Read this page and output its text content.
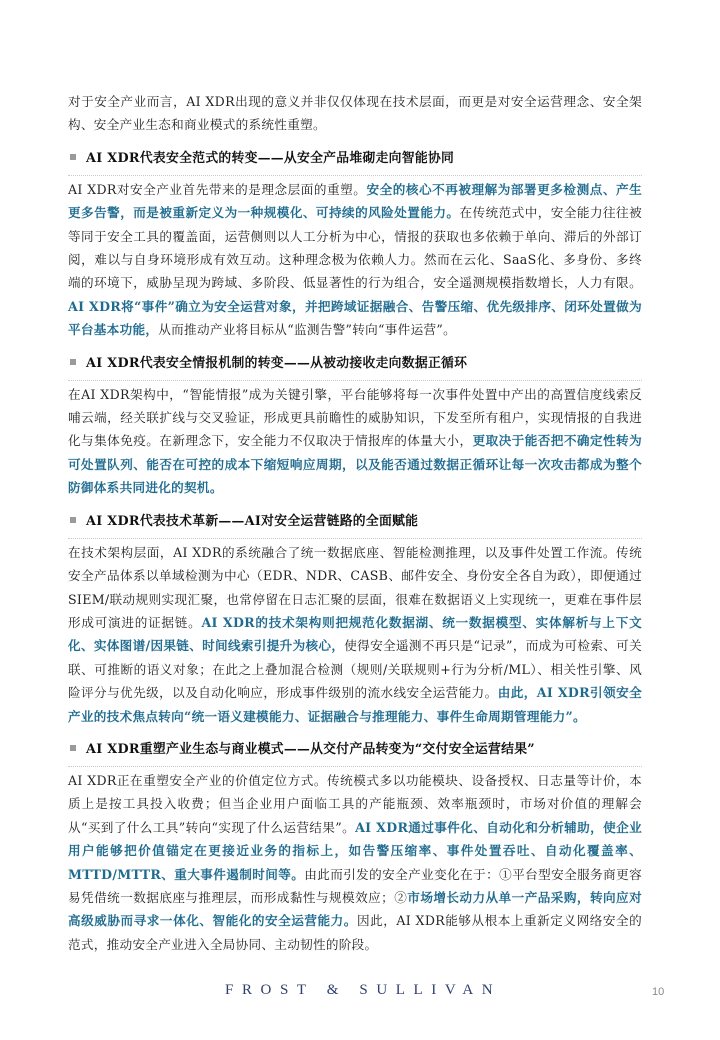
对于安全产业而言，AI XDR出现的意义并非仅仅体现在技术层面，而更是对安全运营理念、安全架构、安全产业生态和商业模式的系统性重塑。

AI XDR代表安全范式的转变——从安全产品堆砌走向智能协同

AI XDR对安全产业首先带来的是理念层面的重塑。安全的核心不再被理解为部署更多检测点、产生更多告警，而是被重新定义为一种规模化、可持续的风险处置能力。在传统范式中，安全能力往往被等同于安全工具的覆盖面，运营侧则以人工分析为中心，情报的获取也多依赖于单向、滞后的外部订阅，难以与自身环境形成有效互动。这种理念极为依赖人力。然而在云化、SaaS化、多身份、多终端的环境下，威胁呈现为跨域、多阶段、低显著性的行为组合，安全遥测规模指数增长，人力有限。AI XDR将“事件”确立为安全运营对象，并把跨域证据融合、告警压缩、优先级排序、闭环处置做为平台基本功能，从而推动产业将目标从“监测告警”转向“事件运营”。

AI XDR代表安全情报机制的转变——从被动接收走向数据正循环

在AI XDR架构中，“智能情报”成为关键引擎，平台能够将每一次事件处置中产出的高置信度线索反哺云端，经关联扩线与交叉验证，形成更具前瞻性的威胁知识，下发至所有租户，实现情报的自我进化与集体免疫。在新理念下，安全能力不仅取决于情报库的体量大小，更取决于能否把不确定性转为可处置队列、能否在可控的成本下缩短响应周期，以及能否通过数据正循环让每一次攻击都成为整个防御体系共同进化的契机。

AI XDR代表技术革新——AI对安全运营链路的全面赋能

在技术架构层面，AI XDR的系统融合了统一数据底座、智能检测推理，以及事件处置工作流。传统安全产品体系以单域检测为中心（EDR、NDR、CASB、邮件安全、身份安全各自为政），即便通过SIEM/联动规则实现汇聚，也常停留在日志汇聚的层面，很难在数据语义上实现统一，更难在事件层形成可演进的证据链。AI XDR的技术架构则把规范化数据湖、统一数据模型、实体解析与上下文化、实体图谱/因果链、时间线索引提升为核心，使得安全遥测不再只是“记录”，而成为可检索、可关联、可推断的语义对象；在此之上叠加混合检测（规则/关联规则+行为分析/ML）、相关性引擎、风险评分与优先级，以及自动化响应，形成事件级别的流水线安全运营能力。由此，AI XDR引领安全产业的技术焦点转向“统一语义建模能力、证据融合与推理能力、事件生命周期管理能力”。

AI XDR重塑产业生态与商业模式——从交付产品转变为“交付安全运营结果”

AI XDR正在重塑安全产业的价值定位方式。传统模式多以功能模块、设备授权、日志量等计价，本质上是按工具投入收费；但当企业用户面临工具的产能瓶颈、效率瓶颈时，市场对价值的理解会从“买到了什么工具”转向“实现了什么运营结果”。AI XDR通过事件化、自动化和分析辅助，使企业用户能够把价值锚定在更接近业务的指标上，如告警压缩率、事件处置吞吐、自动化覆盖率、MTTD/MTTR、重大事件遏制时间等。由此而引发的安全产业变化在于：①平台型安全服务商更容易凭借统一数据底座与推理层，而形成黏性与规模效应；②市场增长动力从单一产品采购，转向应对高级威胁而寻求一体化、智能化的安全运营能力。因此，AI XDR能够从根本上重新定义网络安全的范式，推动安全产业进入全局协同、主动韧性的阶段。

FROST & SULLIVAN	10
